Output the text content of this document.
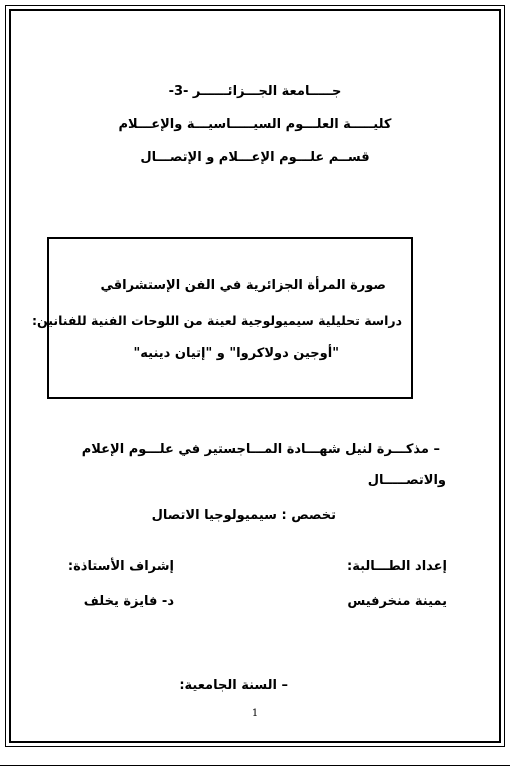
جـــــامعة الجـــزائــــــر -3-
كليـــــة العلـــوم السيـــــاسيـــة والإعـــلام
قســم علـــوم الإعـــلام و الإتصـــال
صورة المرأة الجزائرية في الفن الإستشراقي
دراسة تحليلية سيميولوجية لعينة من اللوحات الفنية للفنانين:
"أوجين دولاكروا" و "إتيان دينيه"
– مذكـــرة لنيل شهـــادة المـــاجستير في علـــوم الإعلام
والاتصـــــال
تخصص : سيميولوجيا الاتصال
إعداد الطـــالبة:
إشراف الأستاذة:
يمينة منخرفيس
د- فايزة يخلف
– السنة الجامعية:
1
